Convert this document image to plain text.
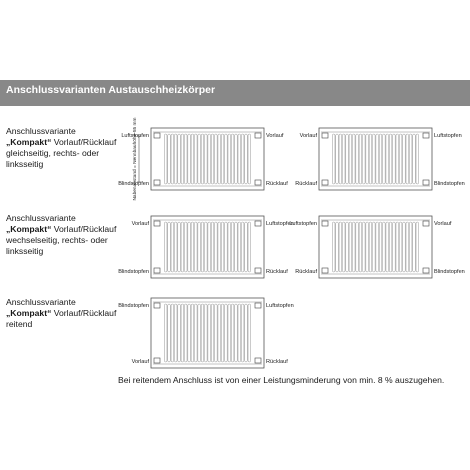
Anschlussvarianten Austauschheizkörper
Anschlussvariante „Kompakt“ Vorlauf/Rücklauf gleichseitig, rechts- oder linksseitig
Anschlussvariante „Kompakt“ Vorlauf/Rücklauf wechselseitig, rechts- oder linksseitig
Anschlussvariante „Kompakt“ Vorlauf/Rücklauf reitend
Luftstopfen	Vorlauf
Blindstopfen	Rücklauf
Nabenabstand = Nennbauhöhe-55 mm	Vorlauf	Luftstopfen
Rücklauf	Blindstopfen
Vorlauf	Luftstopfen
Blindstopfen	Rücklauf
Luftstopfen	Vorlauf
Rücklauf	Blindstopfen
Blindstopfen	Luftstopfen
Vorlauf	Rücklauf
Bei reitendem Anschluss ist von einer Leistungsminderung von min. 8 % auszugehen.
